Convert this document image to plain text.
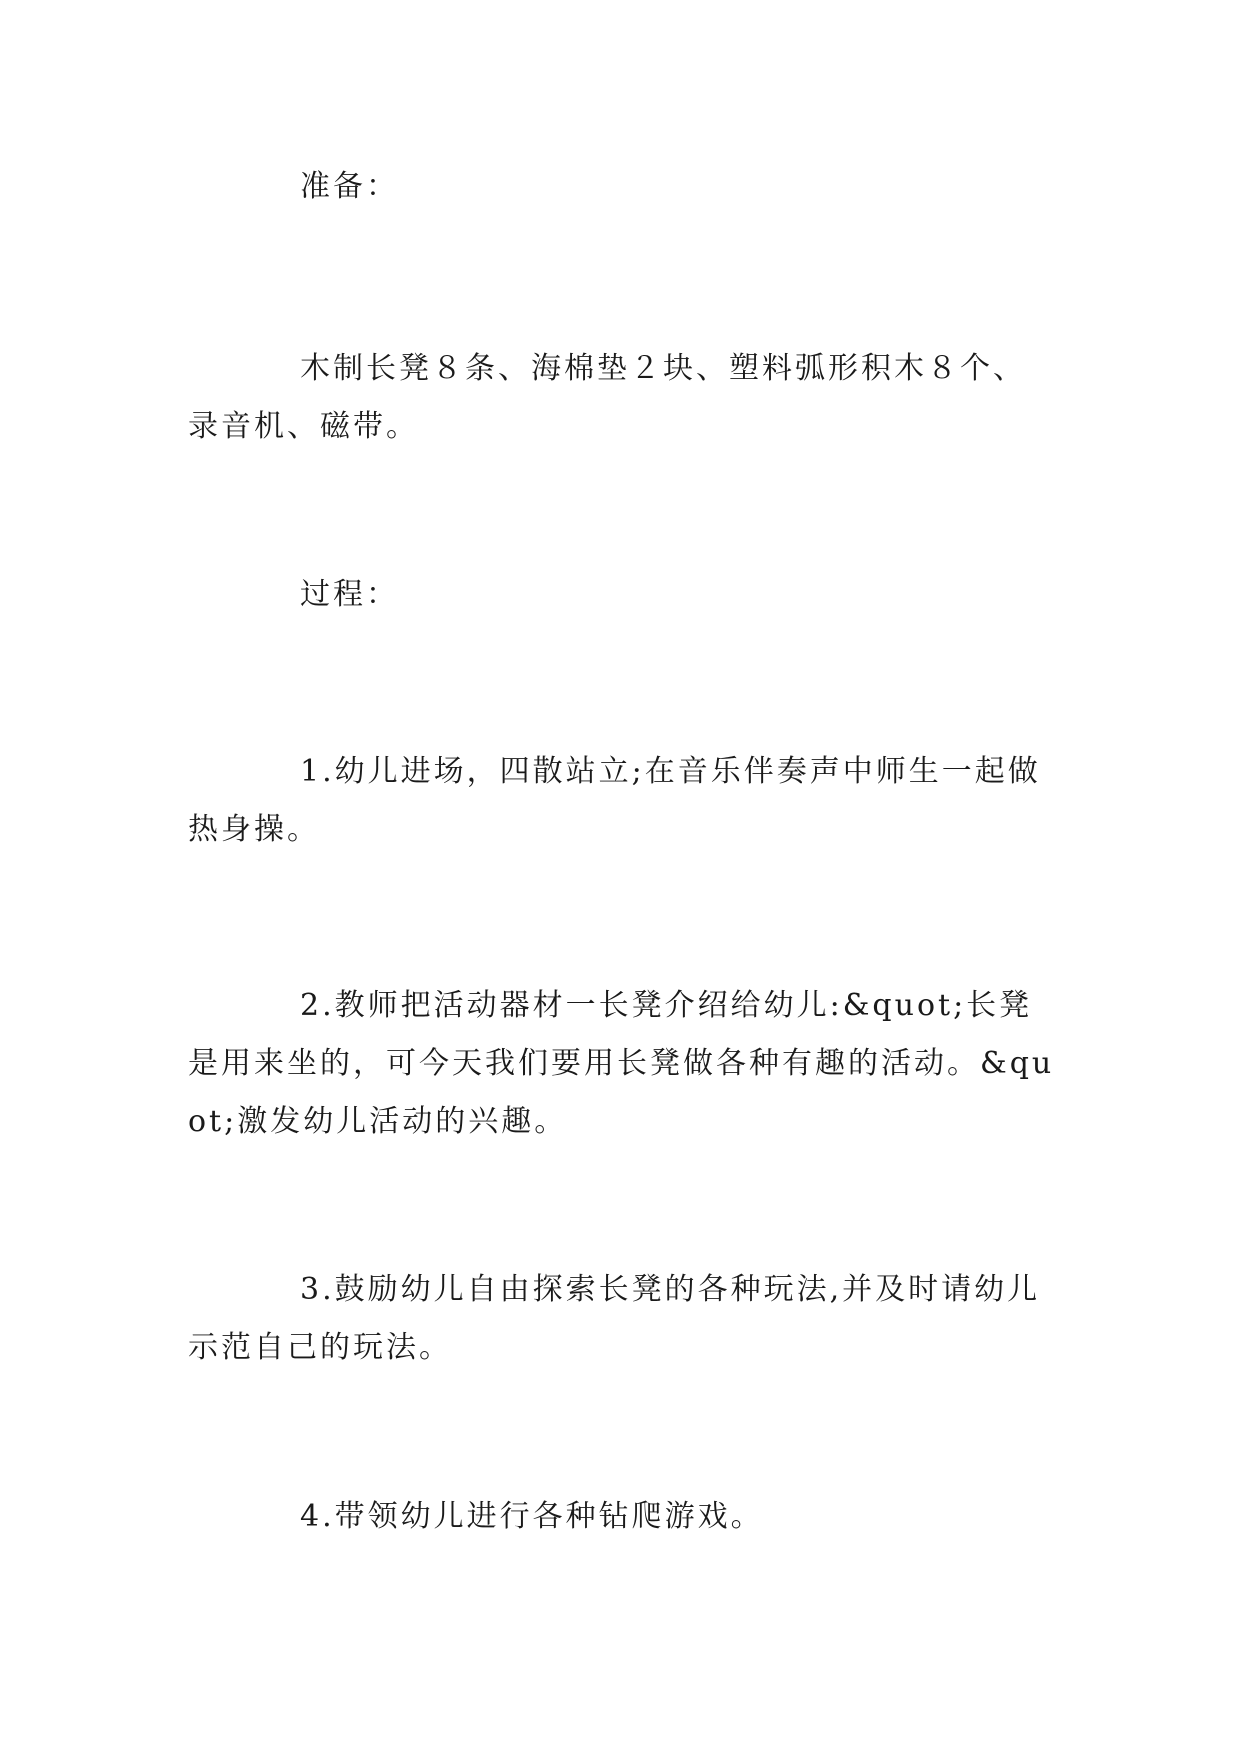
准备：

木制长凳８条、海棉垫２块、塑料弧形积木８个、录音机、磁带。

过程：

1.幼儿进场，四散站立;在音乐伴奏声中师生一起做热身操。

2.教师把活动器材一长凳介绍给幼儿:&quot;长凳是用来坐的，可今天我们要用长凳做各种有趣的活动。&quot;激发幼儿活动的兴趣。

3.鼓励幼儿自由探索长凳的各种玩法,并及时请幼儿示范自己的玩法。

4.带领幼儿进行各种钻爬游戏。
